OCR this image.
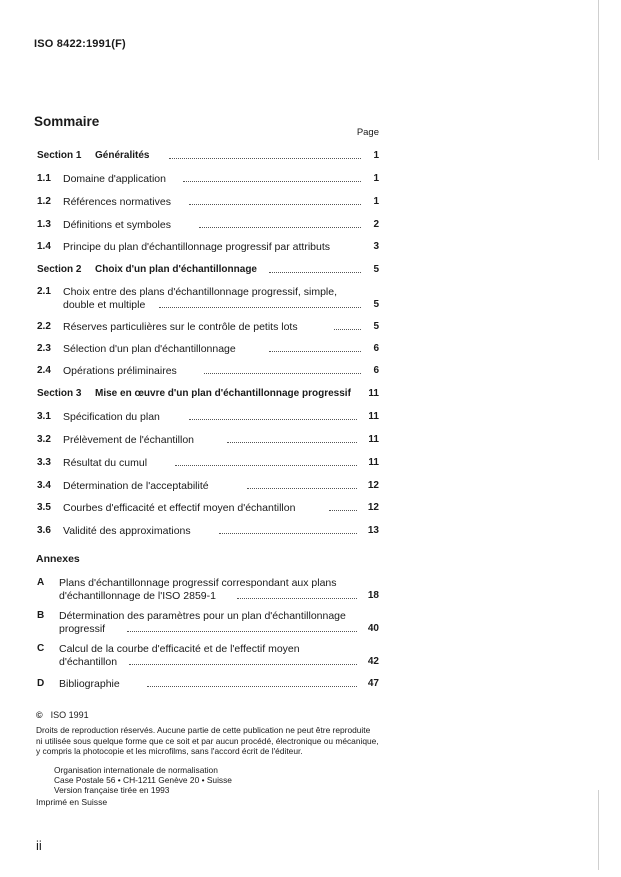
ISO 8422:1991(F)
Sommaire
Page
Section 1 Généralités	1
1.1 Domaine d'application	1
1.2 Références normatives	1
1.3 Définitions et symboles	2
1.4 Principe du plan d'échantillonnage progressif par attributs	3
Section 2 Choix d'un plan d'échantillonnage	5
2.1 Choix entre des plans d'échantillonnage progressif, simple,
double et multiple	5
2.2 Réserves particulières sur le contrôle de petits lots	5
2.3 Sélection d'un plan d'échantillonnage	6
2.4 Opérations préliminaires	6
Section 3 Mise en œuvre d'un plan d'échantillonnage progressif 11
3.1 Spécification du plan	11
3.2 Prélèvement de l'échantillon	11
3.3 Résultat du cumul	11
3.4 Détermination de l'acceptabilité	12
3.5 Courbes d'efficacité et effectif moyen d'échantillon	12
3.6 Validité des approximations	13
Annexes
A Plans d'échantillonnage progressif correspondant aux plans
d'échantillonnage de l'ISO 2859-1	18
B Détermination des paramètres pour un plan d'échantillonnage
progressif	40
C Calcul de la courbe d'efficacité et de l'effectif moyen
d'échantillon	42
D Bibliographie	47
© ISO 1991
Droits de reproduction réservés. Aucune partie de cette publication ne peut être reproduite
ni utilisée sous quelque forme que ce soit et par aucun procédé, électronique ou mécanique,
y compris la photocopie et les microfilms, sans l'accord écrit de l'éditeur.
Organisation internationale de normalisation
Case Postale 56 • CH-1211 Genève 20 • Suisse
Version française tirée en 1993
Imprimé en Suisse
ii
